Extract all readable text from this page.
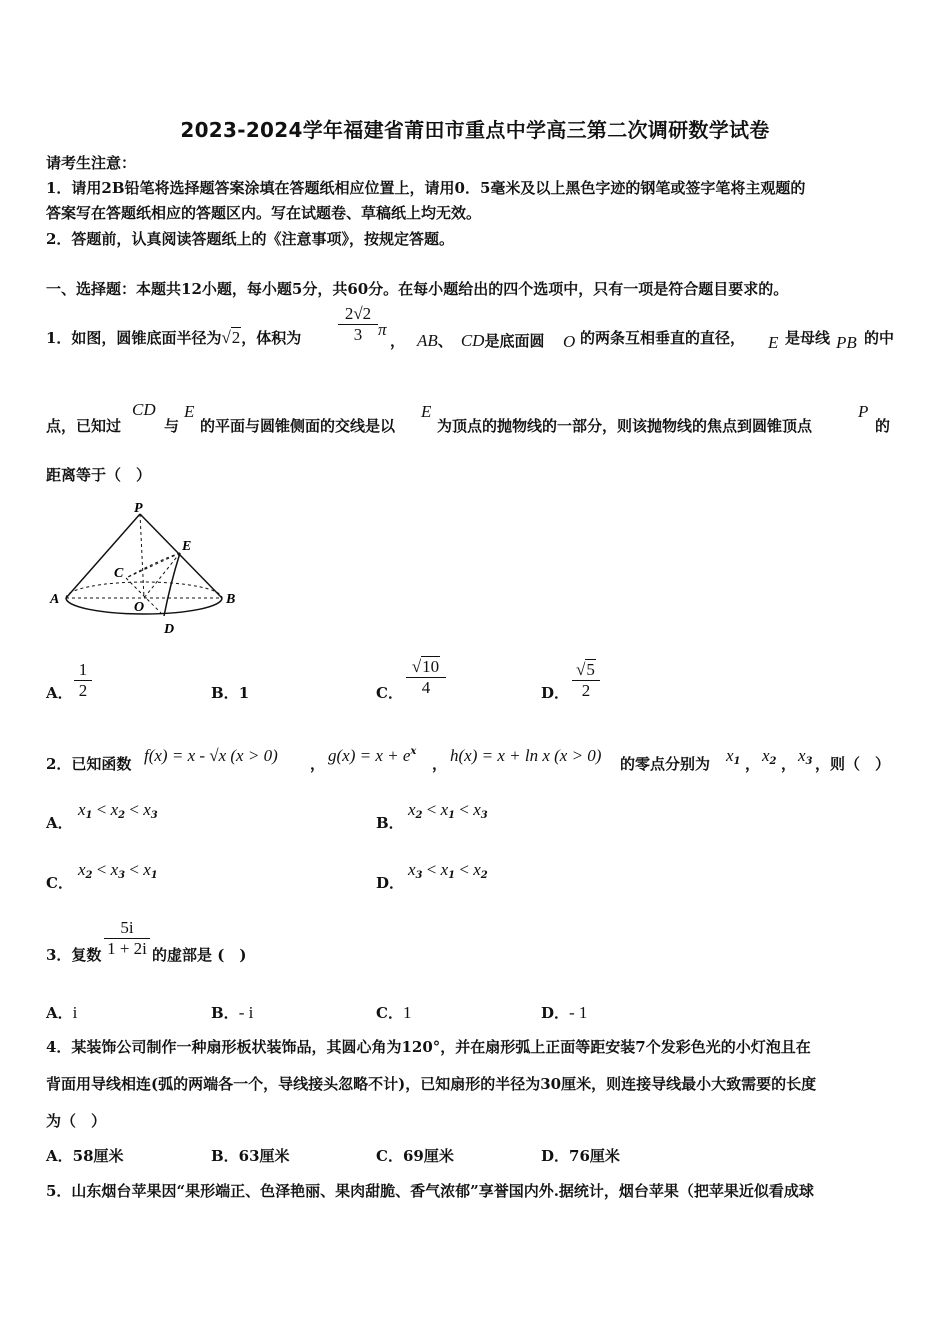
2023-2024学年福建省莆田市重点中学高三第二次调研数学试卷
请考生注意：
1．请用2B铅笔将选择题答案涂填在答题纸相应位置上，请用0．5毫米及以上黑色字迹的钢笔或签字笔将主观题的
答案写在答题纸相应的答题区内。写在试题卷、草稿纸上均无效。
2．答题前，认真阅读答题纸上的《注意事项》，按规定答题。
一、选择题：本题共12小题，每小题5分，共60分。在每小题给出的四个选项中，只有一项是符合题目要求的。
1．如图，圆锥底面半径为√2，体积为 $\frac{2√2}{3}$ π
， AB、 CD是底面圆 O 的两条互相垂直的直径， E 是母线 PB 的中
点，已知过
CD
与
E
的平面与圆锥侧面的交线是以
E
为顶点的抛物线的一部分，则该抛物线的焦点到圆锥顶点
P
的
距离等于（　）
P
E
C
A
O
B
D
A． $\frac{1}{2}$	B．1	C． $\frac{√10}{4}$	D． $\frac{√5}{2}$
2．已知函数 f(x) = x - √x (x > 0) ， $g(x) = x + e^x$
， h(x) = x + ln x (x > 0) 的零点分别为 $x_1$ ， $x_2$ ， $x_3$ ，则（　）
A．
$x_1 < x_2 < x_3$	B．
$x_2 < x_1 < x_3$
C．
$x_2 < x_3 < x_1$	D．
$x_3 < x_1 < x_2$
3．复数 $\frac{5i}{1 + 2i}$ 的虚部是 (　)
A．i	B．- i	C．1	D．- 1
4．某装饰公司制作一种扇形板状装饰品，其圆心角为120°，并在扇形弧上正面等距安装7个发彩色光的小灯泡且在
背面用导线相连(弧的两端各一个，导线接头忽略不计)，已知扇形的半径为30厘米，则连接导线最小大致需要的长度
为（　）
A．58厘米	B．63厘米	C．69厘米	D．76厘米
5．山东烟台苹果因“果形端正、色泽艳丽、果肉甜脆、香气浓郁”享誉国内外.据统计，烟台苹果（把苹果近似看成球
